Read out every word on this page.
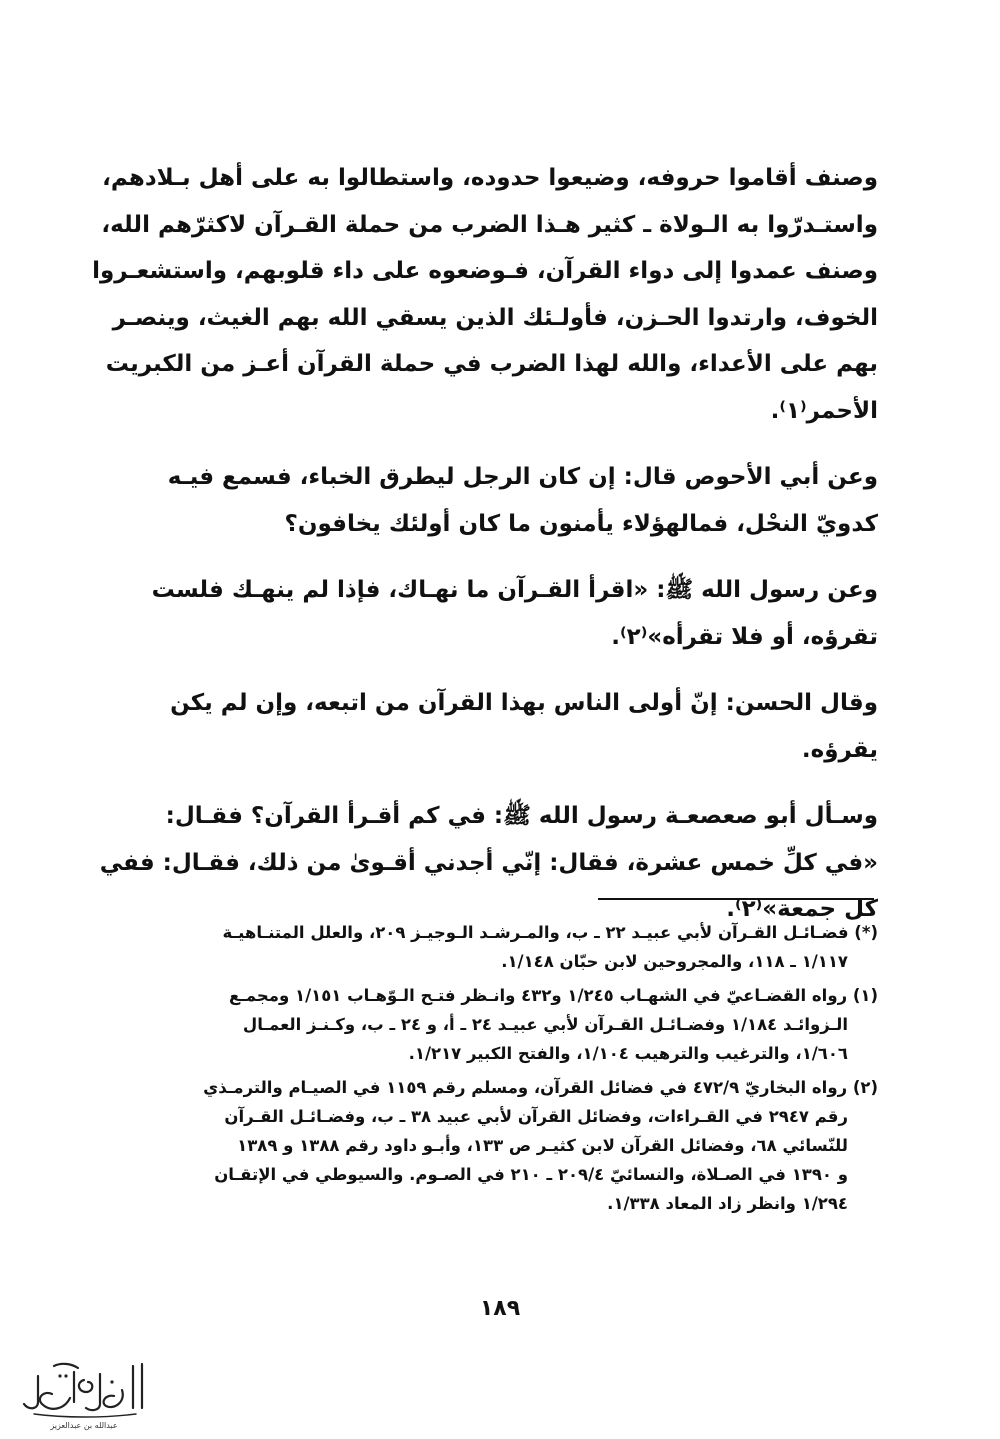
وصنف أقاموا حروفه، وضيعوا حدوده، واستطالوا به على أهل بـلادهم،
واستـدرّوا به الـولاة ـ كثير هـذا الضرب من حملة القـرآن لاكثرّهم الله،
وصنف عمدوا إلى دواء القرآن، فـوضعوه على داء قلوبهم، واستشعـروا
الخوف، وارتدوا الحـزن، فأولـئك الذين يسقي الله بهم الغيث، وينصـر
بهم على الأعداء، والله لهذا الضرب في حملة القرآن أعـز من الكبريت
الأحمر⁽١⁾.

وعن أبي الأحوص قال: إن كان الرجل ليطرق الخباء، فسمع فيـه
كدويّ النحْل، فمالهؤلاء يأمنون ما كان أولئك يخافون؟

وعن رسول الله ﷺ: «اقرأ القـرآن ما نهـاك، فإذا لم ينهـك فلست
تقرؤه، أو فلا تقرأه»⁽٢⁾.

وقال الحسن: إنّ أولى الناس بهذا القرآن من اتبعه، وإن لم يكن
يقرؤه.

وسـأل أبو صعصعـة رسول الله ﷺ: في كم أقـرأ القرآن؟ فقـال:
«في كلِّ خمس عشرة، فقال: إنّي أجدني أقـوىٰ من ذلك، فقـال: ففي
كل جمعة»⁽٢⁾.

(*) فضـائـل القـرآن لأبي عبيـد ٢٢ ـ ب، والمـرشـد الـوجيـز ٢٠٩، والعلل المتنـاهيـة
١/١١٧ ـ ١١٨، والمجروحين لابن حبّان ١/١٤٨.
(١) رواه القضـاعيّ في الشهـاب ١/٢٤٥ و٤٣٢ وانـظر فتـح الـوّهـاب ١/١٥١ ومجمـع
الـزوائـد ١/١٨٤ وفضـائـل القـرآن لأبي عبيـد ٢٤ ـ أ، و ٢٤ ـ ب، وكـنـز العمـال
١/٦٠٦، والترغيب والترهيب ١/١٠٤، والفتح الكبير ١/٢١٧.
(٢) رواه البخاريّ ٤٧٢/٩ في فضائل القرآن، ومسلم رقم ١١٥٩ في الصيـام والترمـذي
رقم ٢٩٤٧ في القـراءات، وفضائل القرآن لأبي عبيد ٣٨ ـ ب، وفضـائـل القـرآن
للنّسائي ٦٨، وفضائل القرآن لابن كثيـر ص ١٣٣، وأبـو داود رقم ١٣٨٨ و ١٣٨٩
و ١٣٩٠ في الصـلاة، والنسائيّ ٢٠٩/٤ ـ ٢١٠ في الصـوم. والسيوطي في الإتقـان
١/٢٩٤ وانظر زاد المعاد ١/٣٣٨.
١٨٩
عبدالله بن عبدالعزيز
